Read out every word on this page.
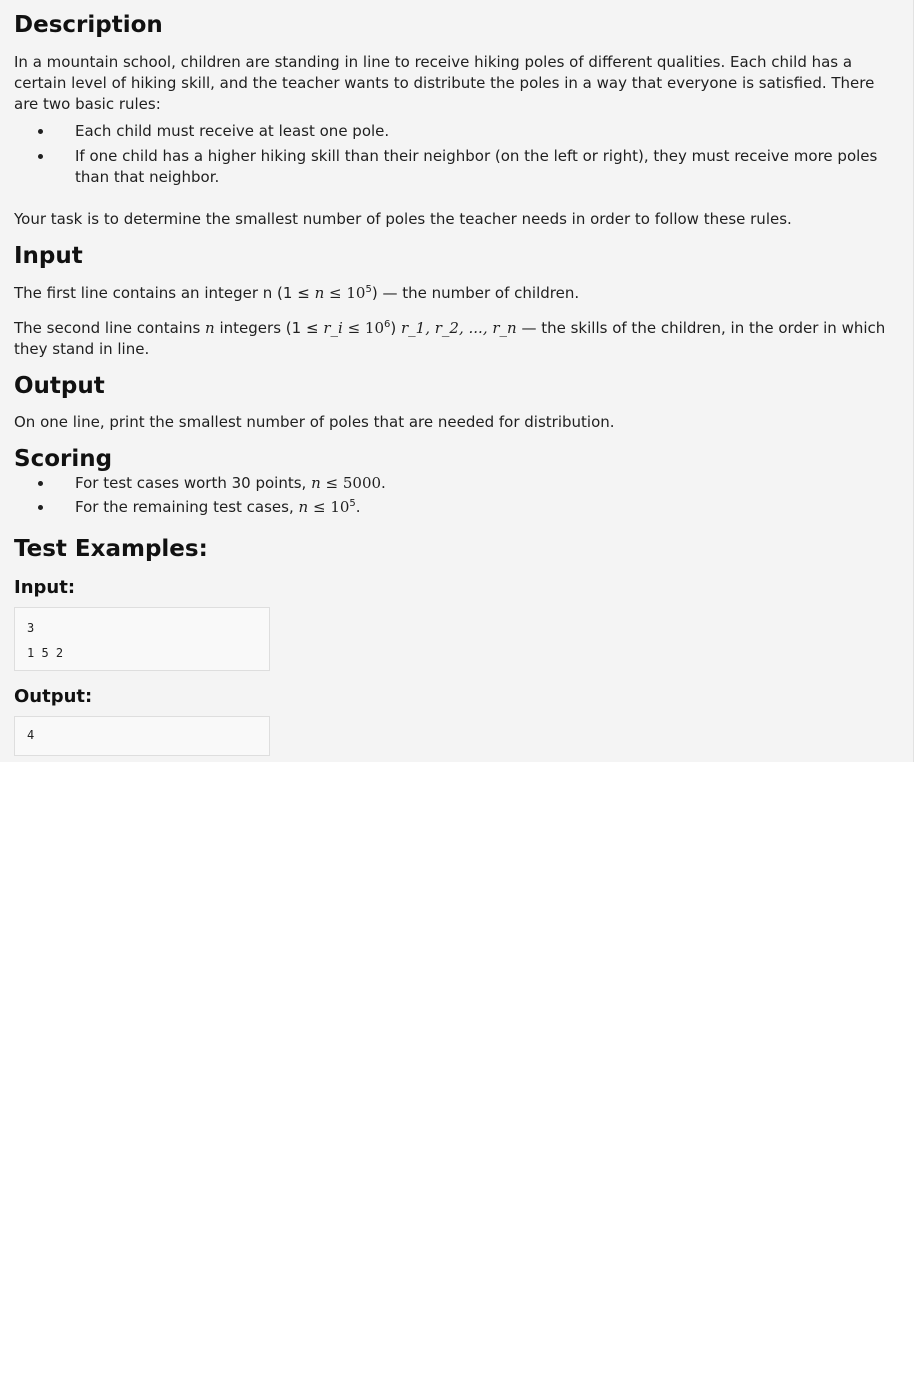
Description

In a mountain school, children are standing in line to receive hiking poles of different qualities. Each child has a certain level of hiking skill, and the teacher wants to distribute the poles in a way that everyone is satisfied. There are two basic rules:

• Each child must receive at least one pole.
• If one child has a higher hiking skill than their neighbor (on the left or right), they must receive more poles than that neighbor.

Your task is to determine the smallest number of poles the teacher needs in order to follow these rules.

Input

The first line contains an integer n $(1 \le n \le 10^5)$ — the number of children.

The second line contains n integers (1 ≤ r_i ≤ $10^6$) r_1, r_2, ..., r_n — the skills of the children, in the order in which they stand in line.

Output

On one line, print the smallest number of poles that are needed for distribution.

Scoring
• For test cases worth 30 points, n ≤ 5000.
• For the remaining test cases, $n \le 10^5$.
Test Examples:
Input:
3
1 5 2
Output:
4
